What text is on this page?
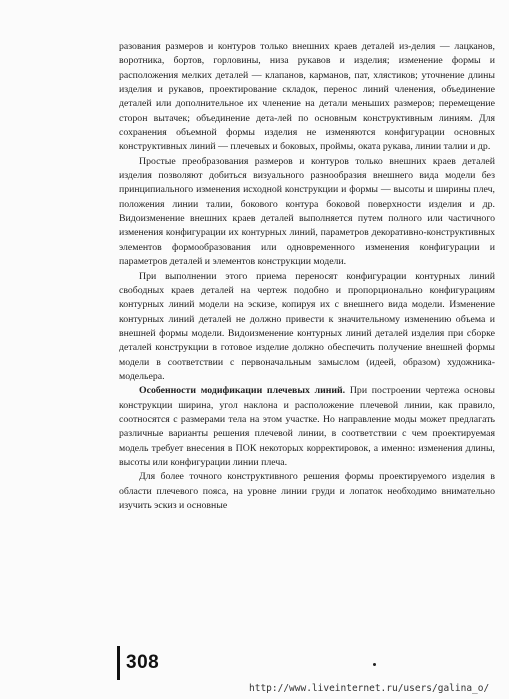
разования размеров и контуров только внешних краев деталей из-делия — лацканов, воротника, бортов, горловины, низа рукавов и изделия; изменение формы и расположения мелких деталей — клапанов, карманов, пат, хлястиков; уточнение длины изделия и рукавов, проектирование складок, перенос линий членения, объединение деталей или дополнительное их членение на детали меньших размеров; перемещение сторон вытачек; объединение дета-лей по основным конструктивным линиям. Для сохранения объемной формы изделия не изменяются конфигурации основных конструктивных линий — плечевых и боковых, проймы, оката рукава, линии талии и др.

Простые преобразования размеров и контуров только внешних краев деталей изделия позволяют добиться визуального разнообразия внешнего вида модели без принципиального изменения исходной конструкции и формы — высоты и ширины плеч, положения линии талии, бокового контура боковой поверхности изделия и др. Видоизменение внешних краев деталей выполняется путем полного или частичного изменения конфигурации их контурных линий, параметров декоративно-конструктивных элементов формообразования или одновременного изменения конфигурации и параметров деталей и элементов конструкции модели.

При выполнении этого приема переносят конфигурации контурных линий свободных краев деталей на чертеж подобно и пропорционально конфигурациям контурных линий модели на эскизе, копируя их с внешнего вида модели. Изменение контурных линий деталей не должно привести к значительному изменению объема и внешней формы модели. Видоизменение контурных линий деталей изделия при сборке деталей конструкции в готовое изделие должно обеспечить получение внешней формы модели в соответствии с первоначальным замыслом (идеей, образом) художника-модельера.

Особенности модификации плечевых линий. При построении чертежа основы конструкции ширина, угол наклона и расположение плечевой линии, как правило, соотносятся с размерами тела на этом участке. Но направление моды может предлагать различные варианты решения плечевой линии, в соответствии с чем проектируемая модель требует внесения в ПОК некоторых корректировок, а именно: изменения длины, высоты или конфигурации линии плеча.

Для более точного конструктивного решения формы проектируемого изделия в области плечевого пояса, на уровне линии груди и лопаток необходимо внимательно изучить эскиз и основные

308
http://www.liveinternet.ru/users/galina_o/
